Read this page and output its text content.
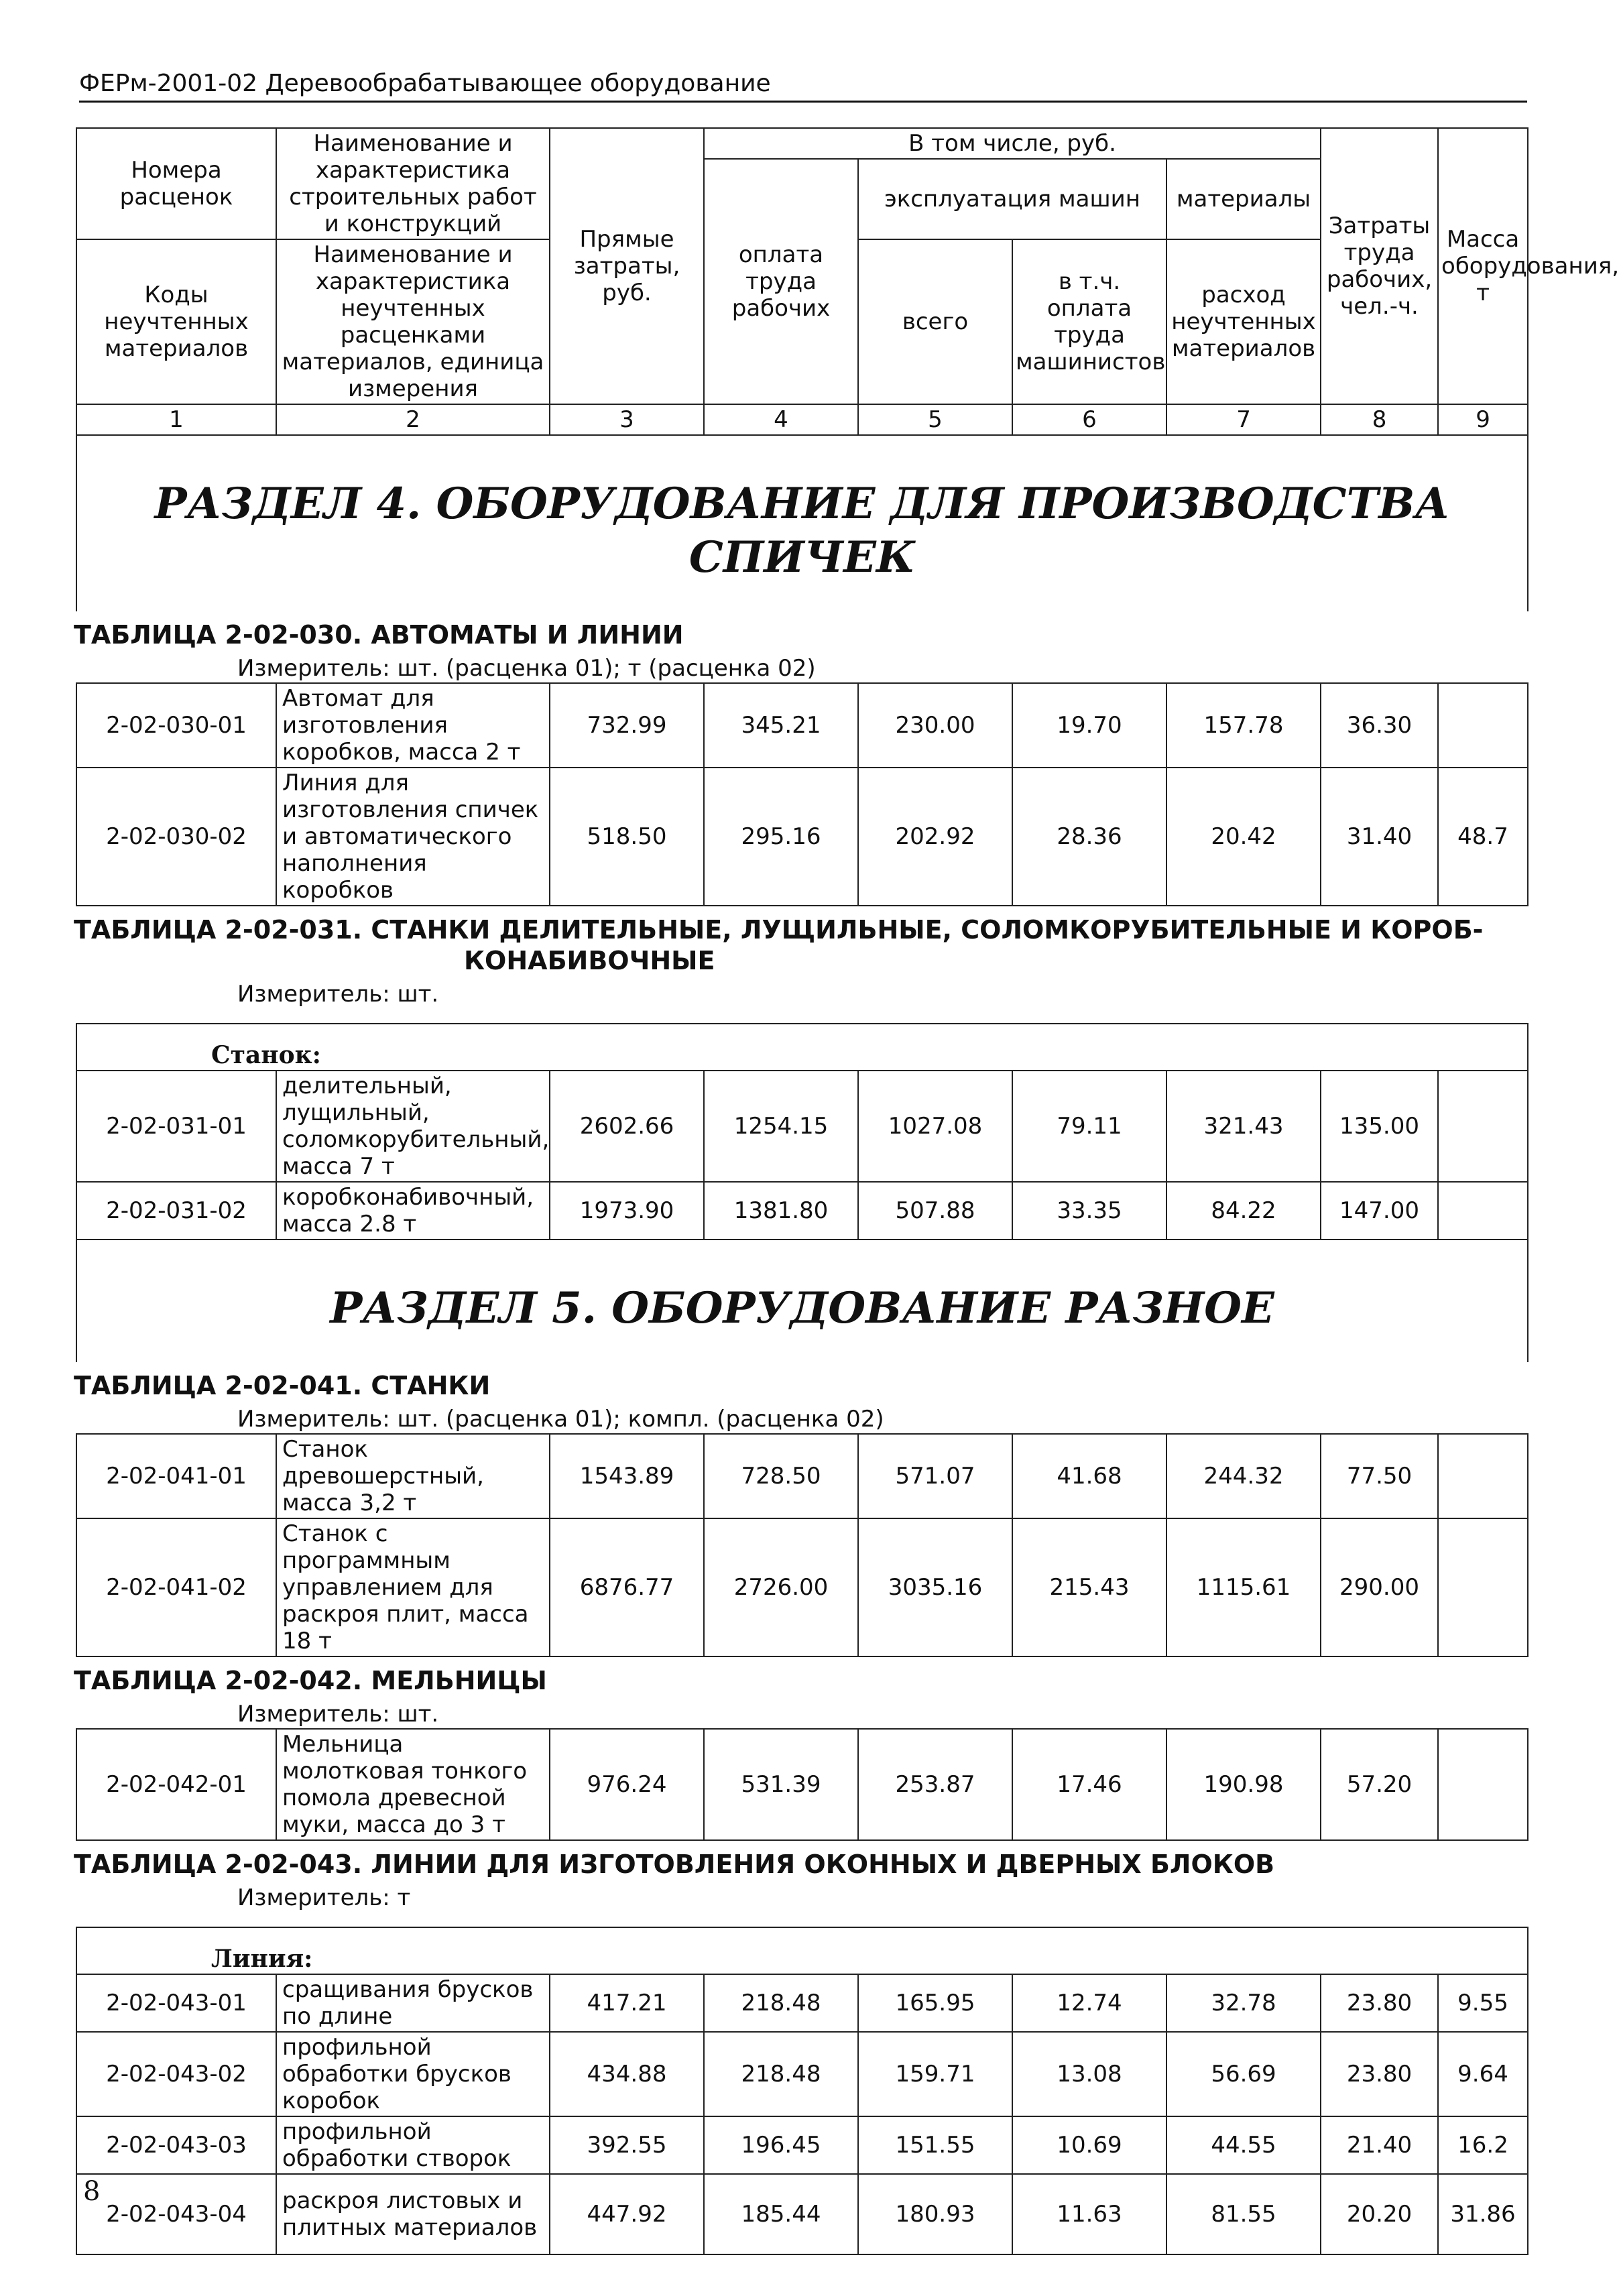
ФЕРм-2001-02 Деревообрабатывающее оборудование
Номера расценок	Наименование и характеристика строительных работ и конструкций	Прямые затраты, руб.	В том числе, руб.				Затраты труда рабочих, чел.-ч.	Масса оборудования, т
			оплата труда рабочих	эксплуатация машин		материалы		
Коды неучтенных материалов	Наименование и характеристика неучтенных расценками материалов, единица измерения			всего	в т.ч. оплата труда машинистов	расход неучтенных материалов		

1	2	3	4	5	6	7	8	9

РАЗДЕЛ 4. ОБОРУДОВАНИЕ ДЛЯ ПРОИЗВОДСТВА СПИЧЕК								

ТАБЛИЦА 2-02-030. АВТОМАТЫ И ЛИНИИ								

Измеритель: шт. (расценка 01); т (расценка 02)								
2-02-030-01	Автомат для изготовления коробков, масса 2 т	732.99	345.21	230.00	19.70	157.78	36.30	
2-02-030-02	Линия для изготовления спичек и автоматического наполнения коробков	518.50	295.16	202.92	28.36	20.42	31.40	48.7

ТАБЛИЦА 2-02-031. СТАНКИ ДЕЛИТЕЛЬНЫЕ, ЛУЩИЛЬНЫЕ, СОЛОМКОРУБИТЕЛЬНЫЕ И КОРОБ-
КОНАБИВОЧНЫЕ								

Измеритель: шт.								
Станок:								
2-02-031-01	делительный, лущильный, соломкорубительный, масса 7 т	2602.66	1254.15	1027.08	79.11	321.43	135.00	
2-02-031-02	коробконабивочный, масса 2.8 т	1973.90	1381.80	507.88	33.35	84.22	147.00	

РАЗДЕЛ 5. ОБОРУДОВАНИЕ РАЗНОЕ								

ТАБЛИЦА 2-02-041. СТАНКИ								

Измеритель: шт. (расценка 01); компл. (расценка 02)								
2-02-041-01	Станок древошерстный, масса 3,2 т	1543.89	728.50	571.07	41.68	244.32	77.50	
2-02-041-02	Станок с программным управлением для раскроя плит, масса 18 т	6876.77	2726.00	3035.16	215.43	1115.61	290.00	

ТАБЛИЦА 2-02-042. МЕЛЬНИЦЫ								

Измеритель: шт.								
2-02-042-01	Мельница молотковая тонкого помола древесной муки, масса до 3 т	976.24	531.39	253.87	17.46	190.98	57.20	

ТАБЛИЦА 2-02-043. ЛИНИИ ДЛЯ ИЗГОТОВЛЕНИЯ ОКОННЫХ И ДВЕРНЫХ БЛОКОВ								

Измеритель: т								
Линия:								
2-02-043-01	сращивания брусков по длине	417.21	218.48	165.95	12.74	32.78	23.80	9.55
2-02-043-02	профильной обработки брусков коробок	434.88	218.48	159.71	13.08	56.69	23.80	9.64
2-02-043-03	профильной обработки створок	392.55	196.45	151.55	10.69	44.55	21.40	16.2
2-02-043-04	раскроя листовых и плитных материалов	447.92	185.44	180.93	11.63	81.55	20.20	31.86
8
